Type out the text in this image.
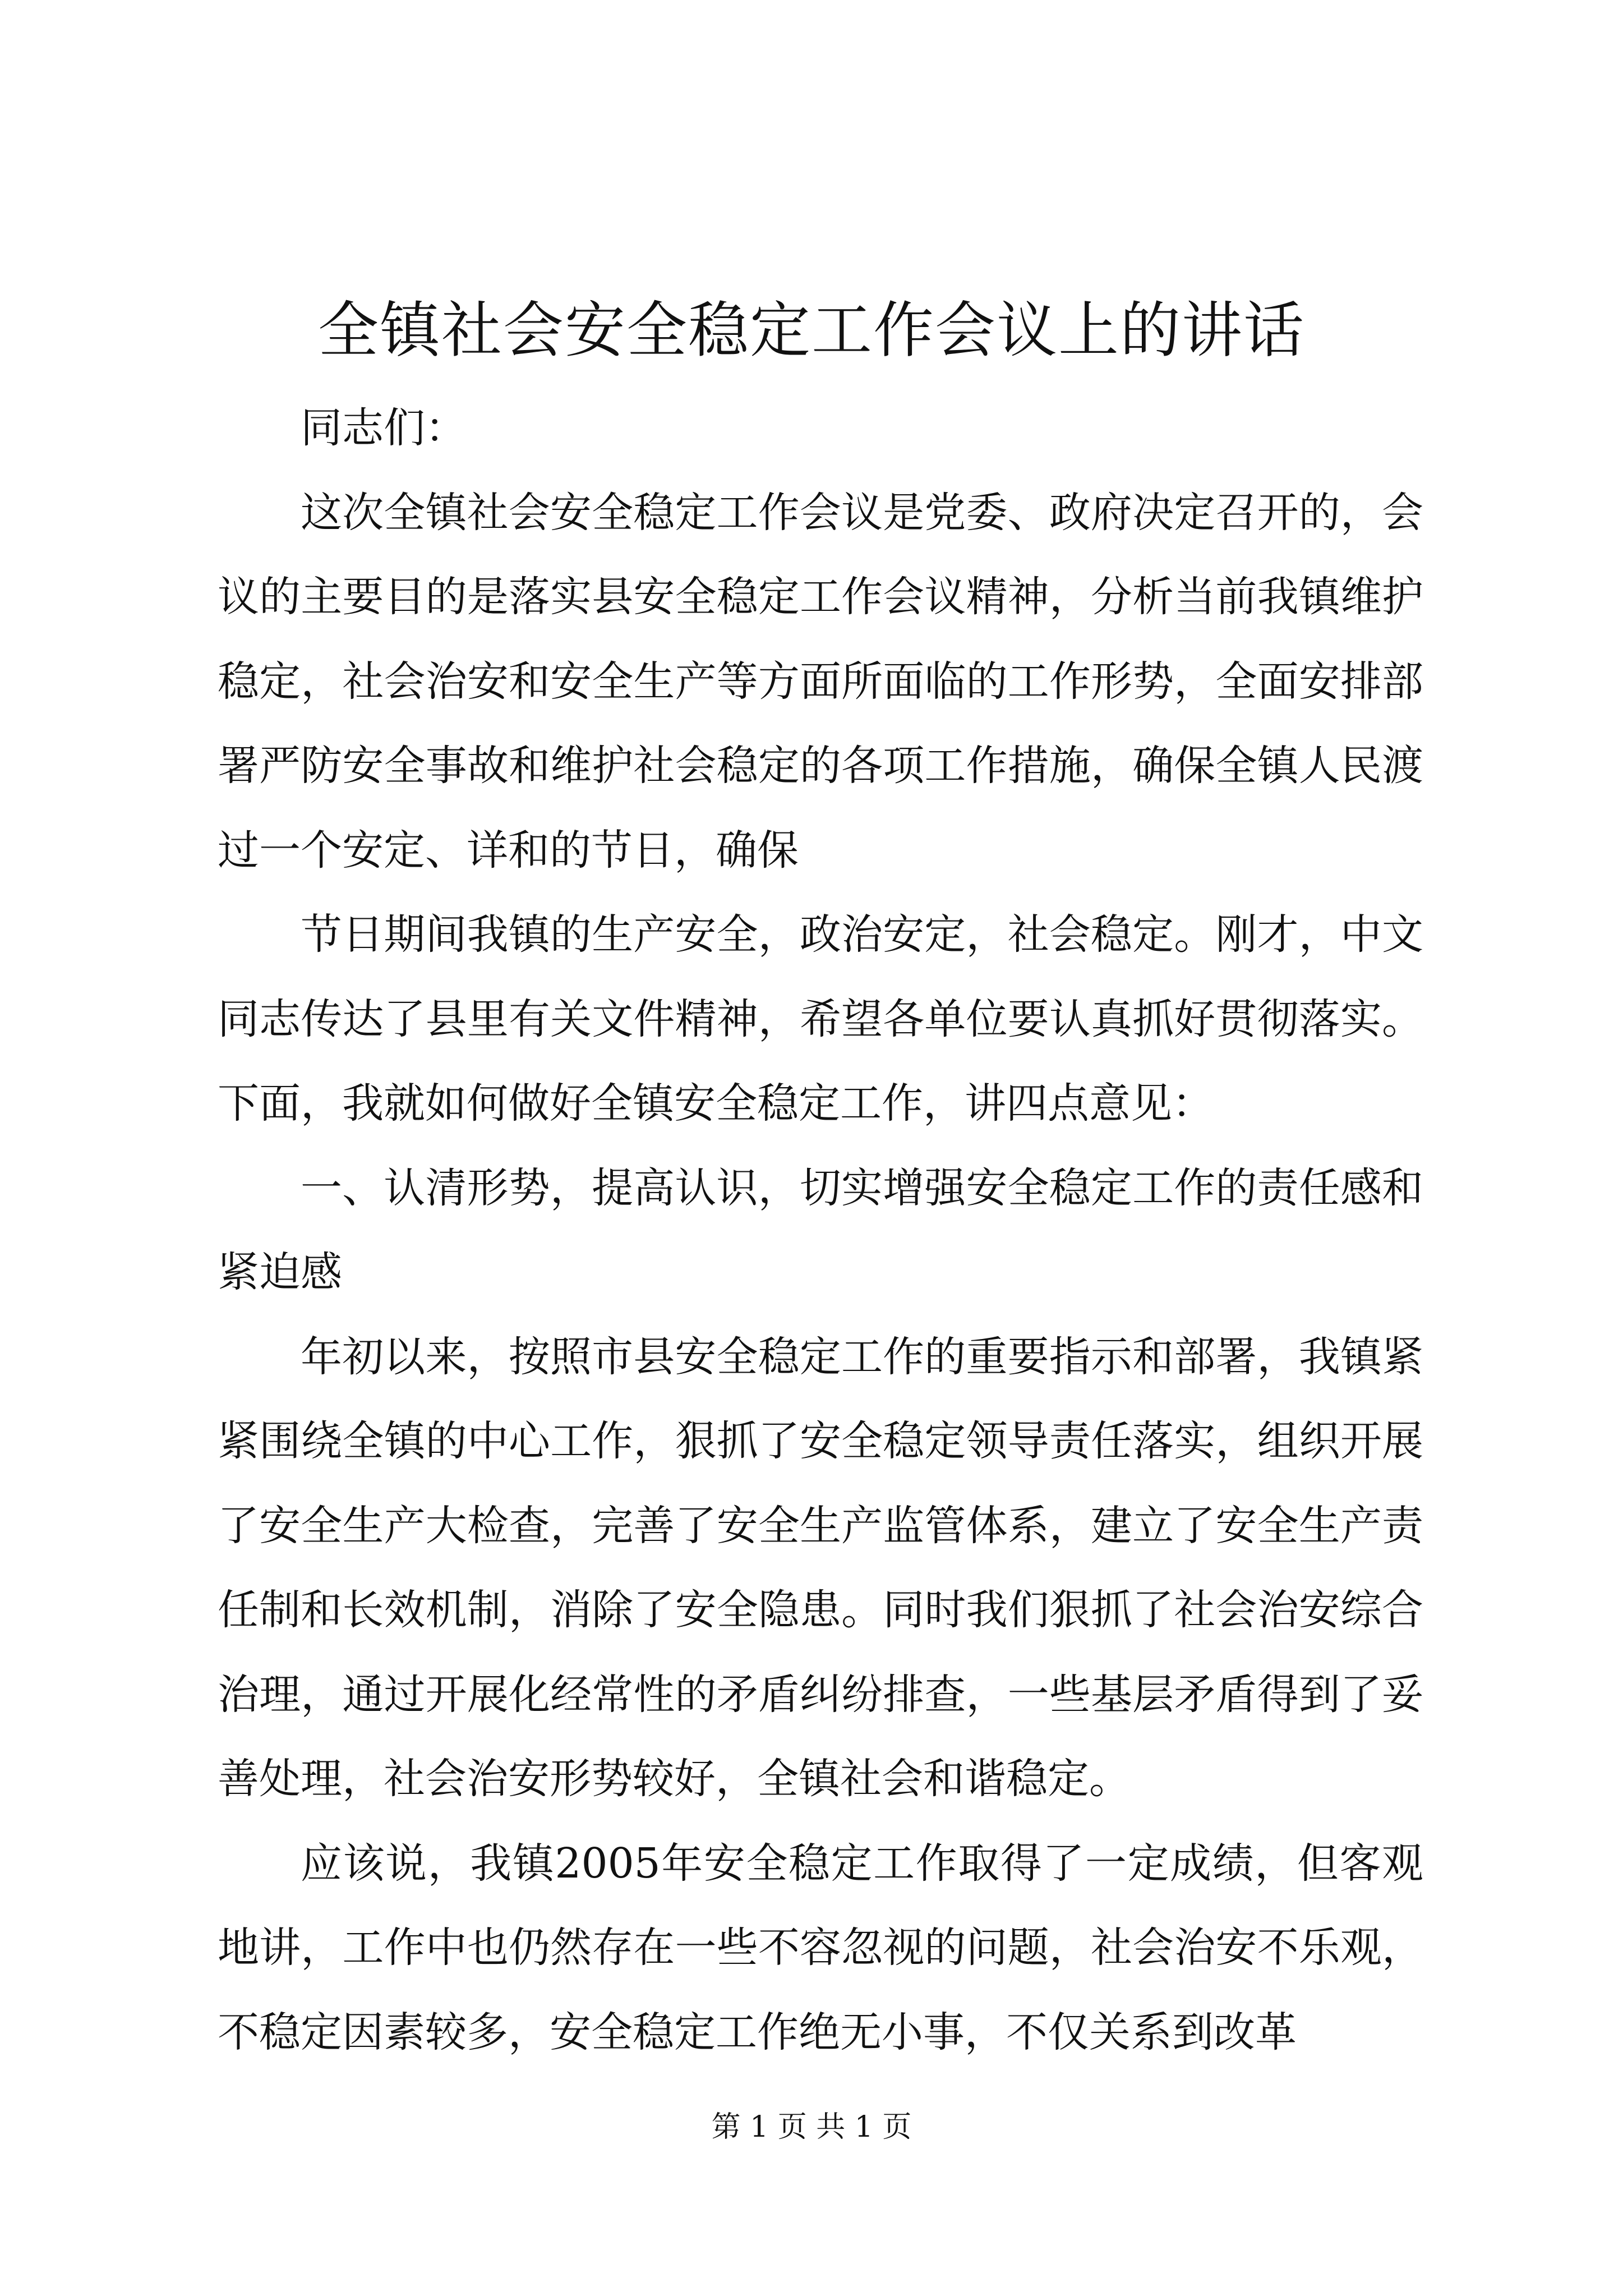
全镇社会安全稳定工作会议上的讲话

同志们：

这次全镇社会安全稳定工作会议是党委、政府决定召开的，会议的主要目的是落实县安全稳定工作会议精神，分析当前我镇维护稳定，社会治安和安全生产等方面所面临的工作形势，全面安排部署严防安全事故和维护社会稳定的各项工作措施，确保全镇人民渡过一个安定、详和的节日，确保

节日期间我镇的生产安全，政治安定，社会稳定。刚才，中文同志传达了县里有关文件精神，希望各单位要认真抓好贯彻落实。下面，我就如何做好全镇安全稳定工作，讲四点意见：

一、认清形势，提高认识，切实增强安全稳定工作的责任感和紧迫感

年初以来，按照市县安全稳定工作的重要指示和部署，我镇紧紧围绕全镇的中心工作，狠抓了安全稳定领导责任落实，组织开展了安全生产大检查，完善了安全生产监管体系，建立了安全生产责任制和长效机制，消除了安全隐患。同时我们狠抓了社会治安综合治理，通过开展化经常性的矛盾纠纷排查，一些基层矛盾得到了妥善处理，社会治安形势较好，全镇社会和谐稳定。

应该说，我镇2005年安全稳定工作取得了一定成绩，但客观地讲，工作中也仍然存在一些不容忽视的问题，社会治安不乐观，不稳定因素较多，安全稳定工作绝无小事，不仅关系到改革

第 1 页 共 1 页
